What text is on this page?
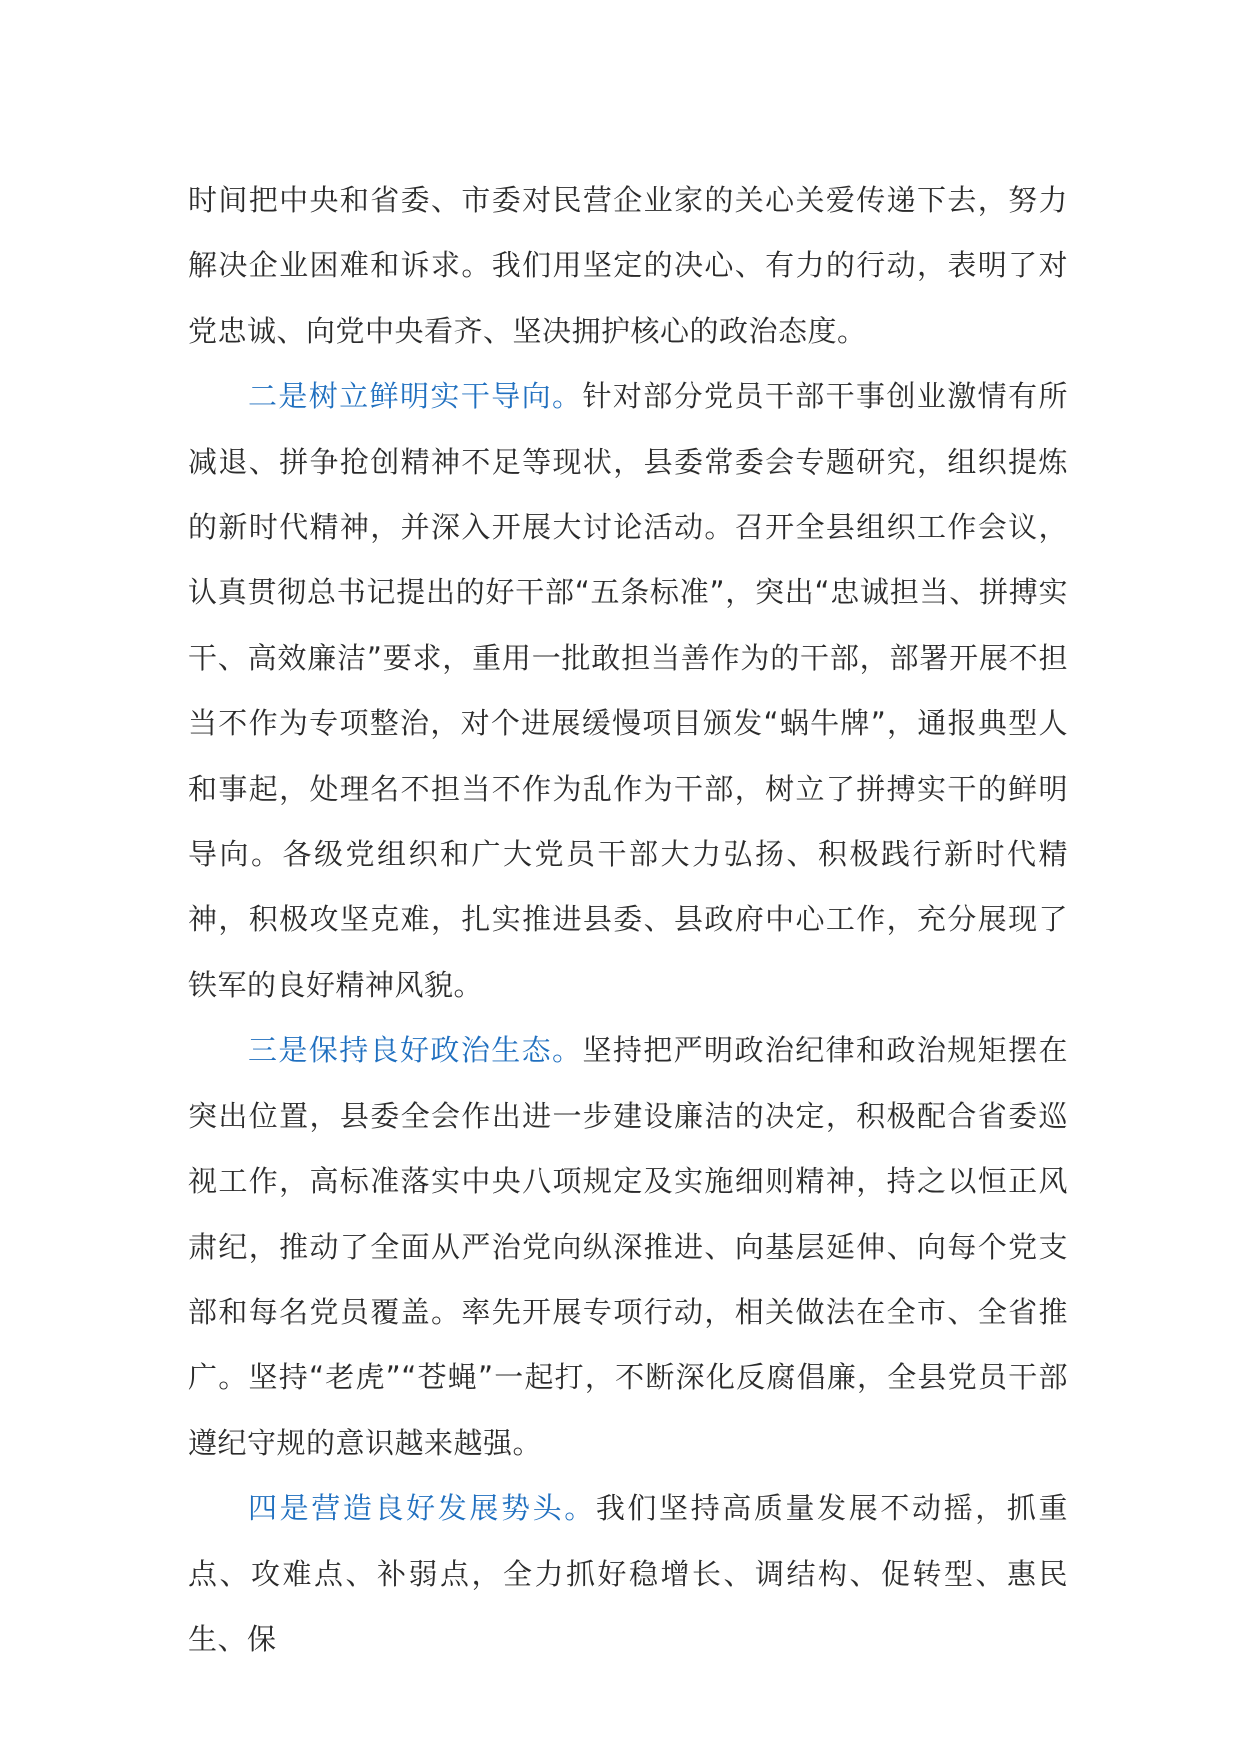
时间把中央和省委、市委对民营企业家的关心关爱传递下去，努力解决企业困难和诉求。我们用坚定的决心、有力的行动，表明了对党忠诚、向党中央看齐、坚决拥护核心的政治态度。

二是树立鲜明实干导向。针对部分党员干部干事创业激情有所减退、拼争抢创精神不足等现状，县委常委会专题研究，组织提炼的新时代精神，并深入开展大讨论活动。召开全县组织工作会议，认真贯彻总书记提出的好干部“五条标准”，突出“忠诚担当、拼搏实干、高效廉洁”要求，重用一批敢担当善作为的干部，部署开展不担当不作为专项整治，对个进展缓慢项目颁发“蜗牛牌”，通报典型人和事起，处理名不担当不作为乱作为干部，树立了拼搏实干的鲜明导向。各级党组织和广大党员干部大力弘扬、积极践行新时代精神，积极攻坚克难，扎实推进县委、县政府中心工作，充分展现了铁军的良好精神风貌。

三是保持良好政治生态。坚持把严明政治纪律和政治规矩摆在突出位置，县委全会作出进一步建设廉洁的决定，积极配合省委巡视工作，高标准落实中央八项规定及实施细则精神，持之以恒正风肃纪，推动了全面从严治党向纵深推进、向基层延伸、向每个党支部和每名党员覆盖。率先开展专项行动，相关做法在全市、全省推广。坚持“老虎”“苍蝇”一起打，不断深化反腐倡廉，全县党员干部遵纪守规的意识越来越强。

四是营造良好发展势头。我们坚持高质量发展不动摇，抓重点、攻难点、补弱点，全力抓好稳增长、调结构、促转型、惠民生、保
